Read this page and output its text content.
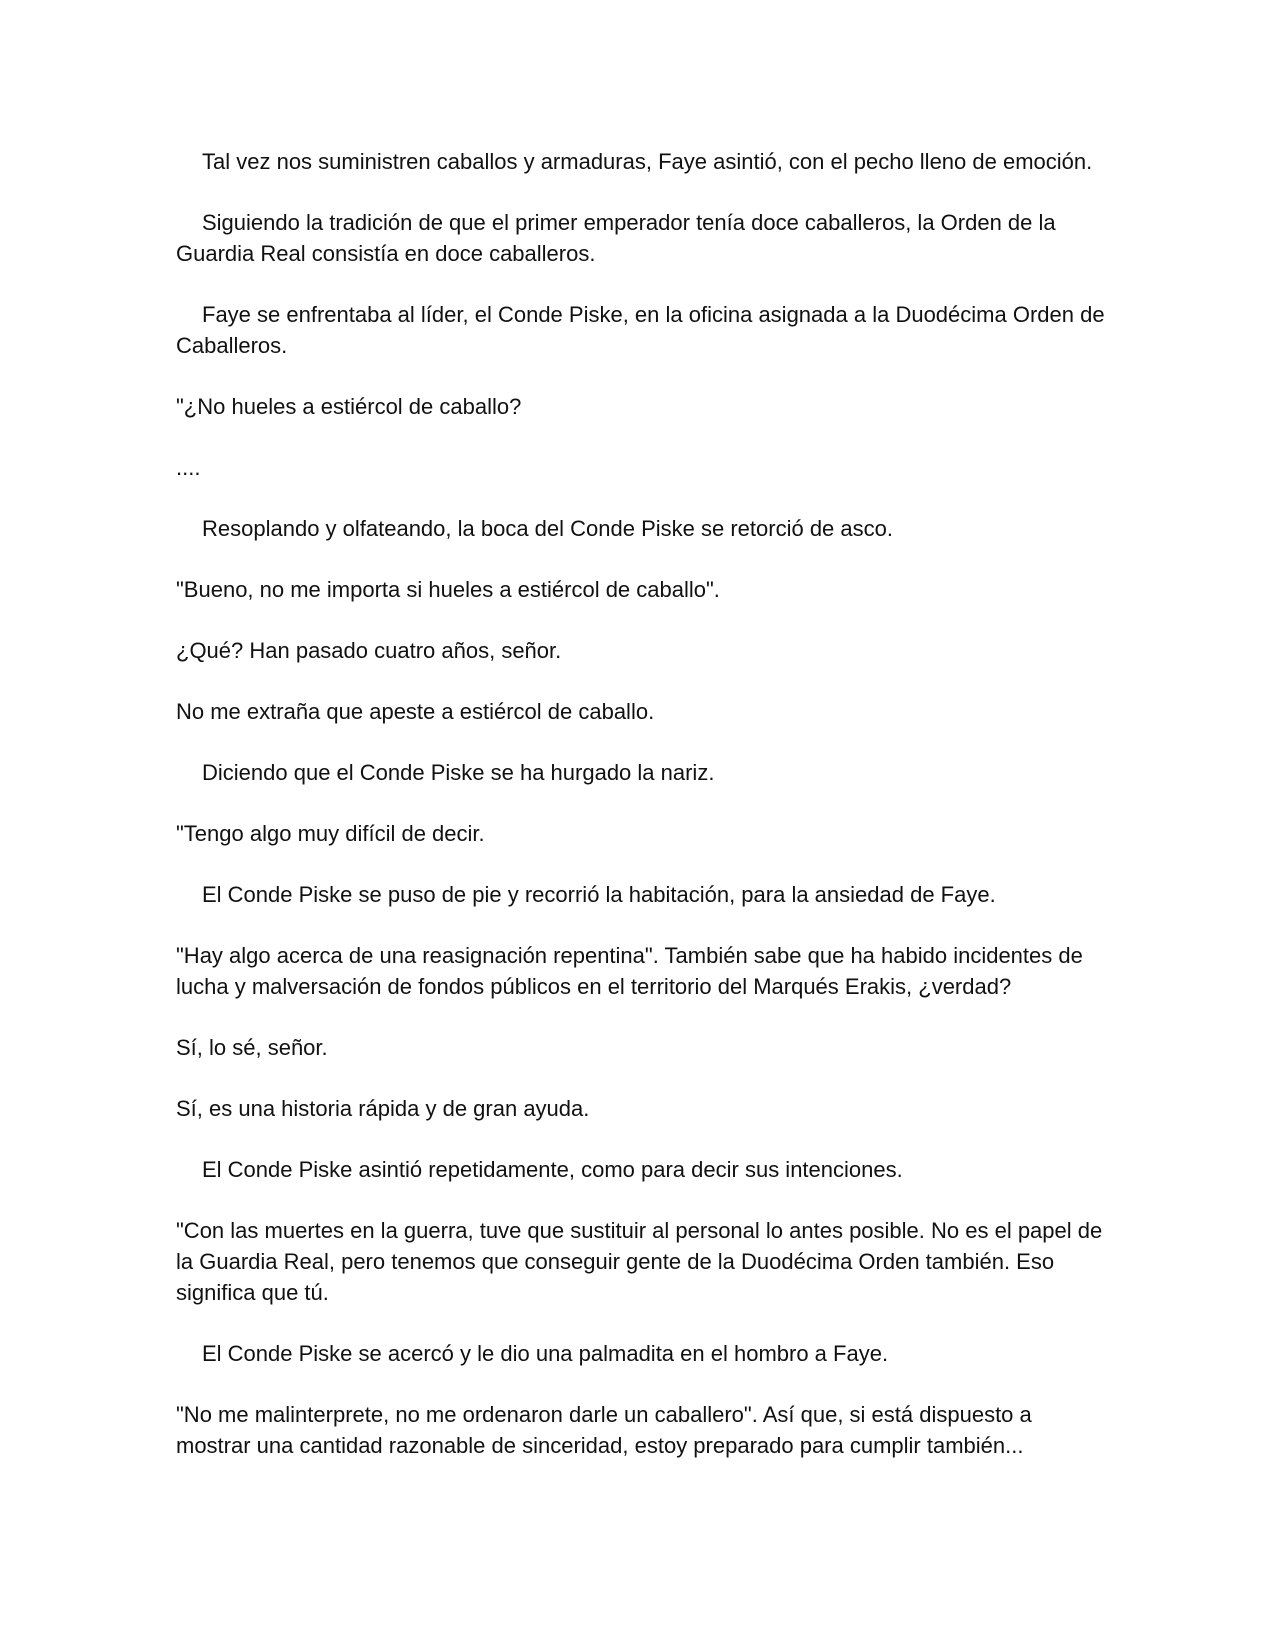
Tal vez nos suministren caballos y armaduras, Faye asintió, con el pecho lleno de emoción.

Siguiendo la tradición de que el primer emperador tenía doce caballeros, la Orden de la Guardia Real consistía en doce caballeros.

Faye se enfrentaba al líder, el Conde Piske, en la oficina asignada a la Duodécima Orden de Caballeros.

"¿No hueles a estiércol de caballo?

....

Resoplando y olfateando, la boca del Conde Piske se retorció de asco.

"Bueno, no me importa si hueles a estiércol de caballo".

¿Qué? Han pasado cuatro años, señor.

No me extraña que apeste a estiércol de caballo.

Diciendo que el Conde Piske se ha hurgado la nariz.

"Tengo algo muy difícil de decir.

El Conde Piske se puso de pie y recorrió la habitación, para la ansiedad de Faye.

"Hay algo acerca de una reasignación repentina". También sabe que ha habido incidentes de lucha y malversación de fondos públicos en el territorio del Marqués Erakis, ¿verdad?

Sí, lo sé, señor.

Sí, es una historia rápida y de gran ayuda.

El Conde Piske asintió repetidamente, como para decir sus intenciones.

"Con las muertes en la guerra, tuve que sustituir al personal lo antes posible. No es el papel de la Guardia Real, pero tenemos que conseguir gente de la Duodécima Orden también. Eso significa que tú.

El Conde Piske se acercó y le dio una palmadita en el hombro a Faye.

"No me malinterprete, no me ordenaron darle un caballero". Así que, si está dispuesto a mostrar una cantidad razonable de sinceridad, estoy preparado para cumplir también...
